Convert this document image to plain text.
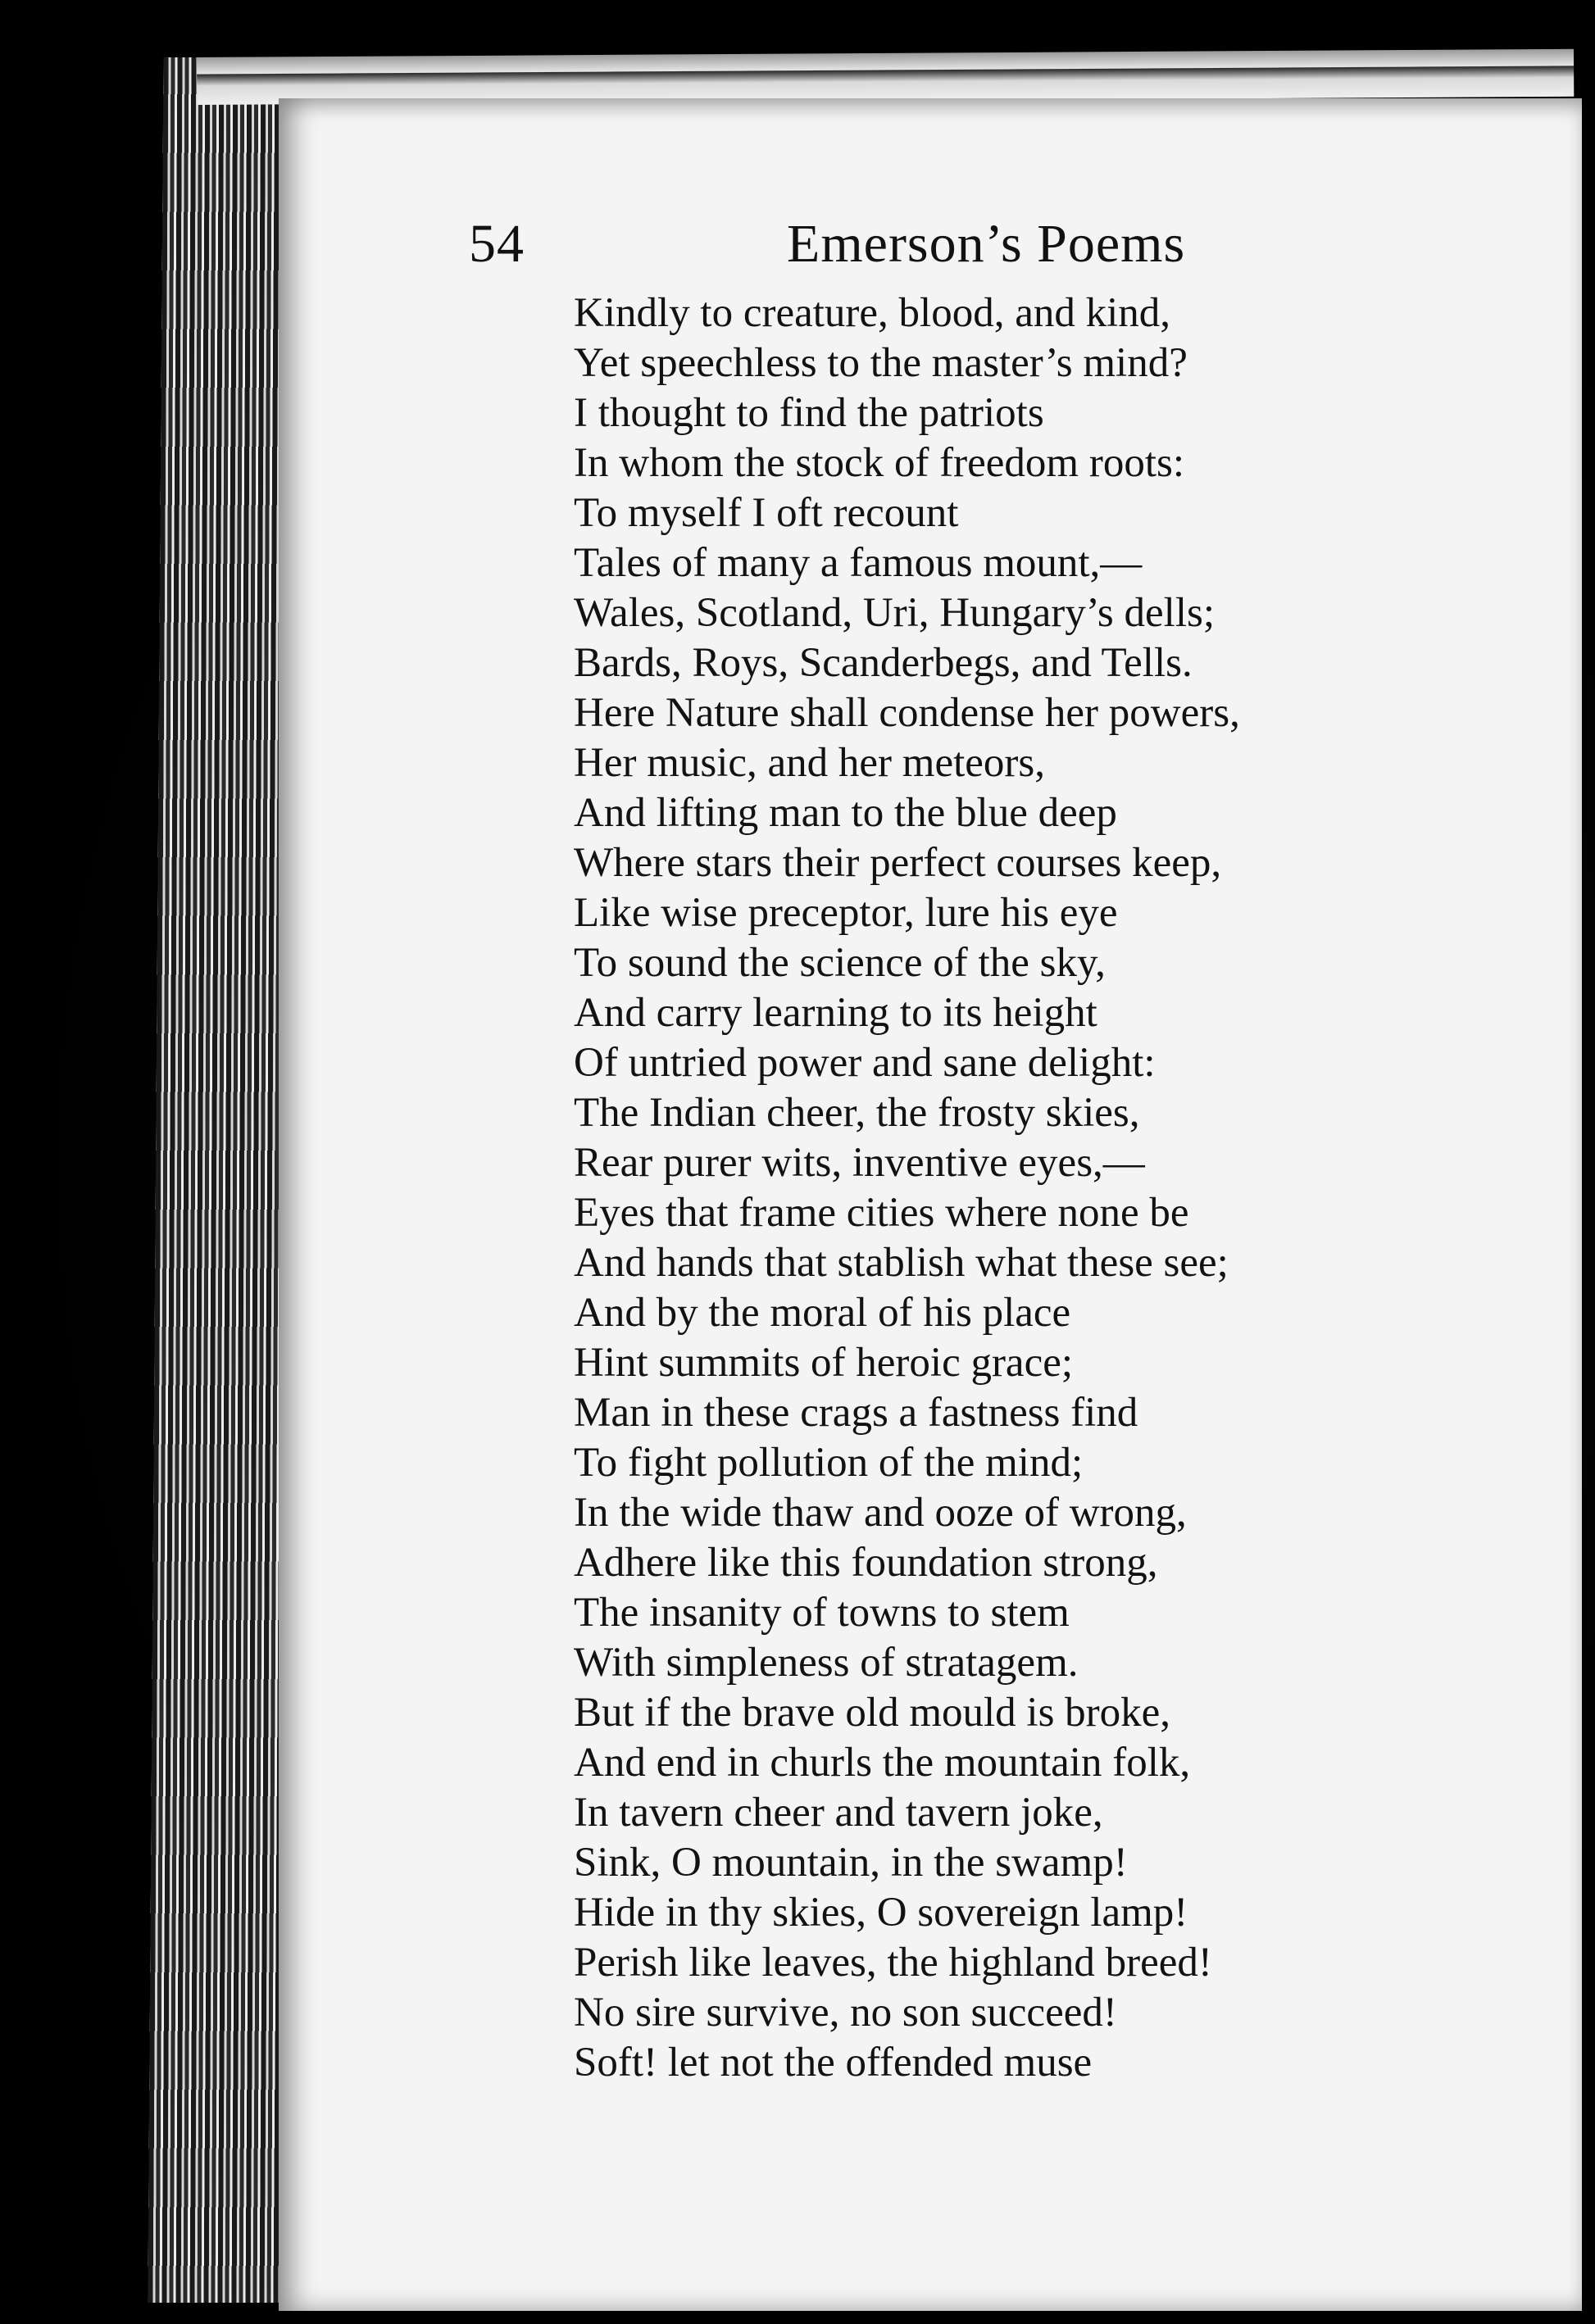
54	Emerson’s Poems
Kindly to creature, blood, and kind,
Yet speechless to the master’s mind?
I thought to find the patriots
In whom the stock of freedom roots:
To myself I oft recount
Tales of many a famous mount,—
Wales, Scotland, Uri, Hungary’s dells;
Bards, Roys, Scanderbegs, and Tells.
Here Nature shall condense her powers,
Her music, and her meteors,
And lifting man to the blue deep
Where stars their perfect courses keep,
Like wise preceptor, lure his eye
To sound the science of the sky,
And carry learning to its height
Of untried power and sane delight:
The Indian cheer, the frosty skies,
Rear purer wits, inventive eyes,—
Eyes that frame cities where none be
And hands that stablish what these see;
And by the moral of his place
Hint summits of heroic grace;
Man in these crags a fastness find
To fight pollution of the mind;
In the wide thaw and ooze of wrong,
Adhere like this foundation strong,
The insanity of towns to stem
With simpleness of stratagem.
But if the brave old mould is broke,
And end in churls the mountain folk,
In tavern cheer and tavern joke,
Sink, O mountain, in the swamp!
Hide in thy skies, O sovereign lamp!
Perish like leaves, the highland breed!
No sire survive, no son succeed!
Soft! let not the offended muse
